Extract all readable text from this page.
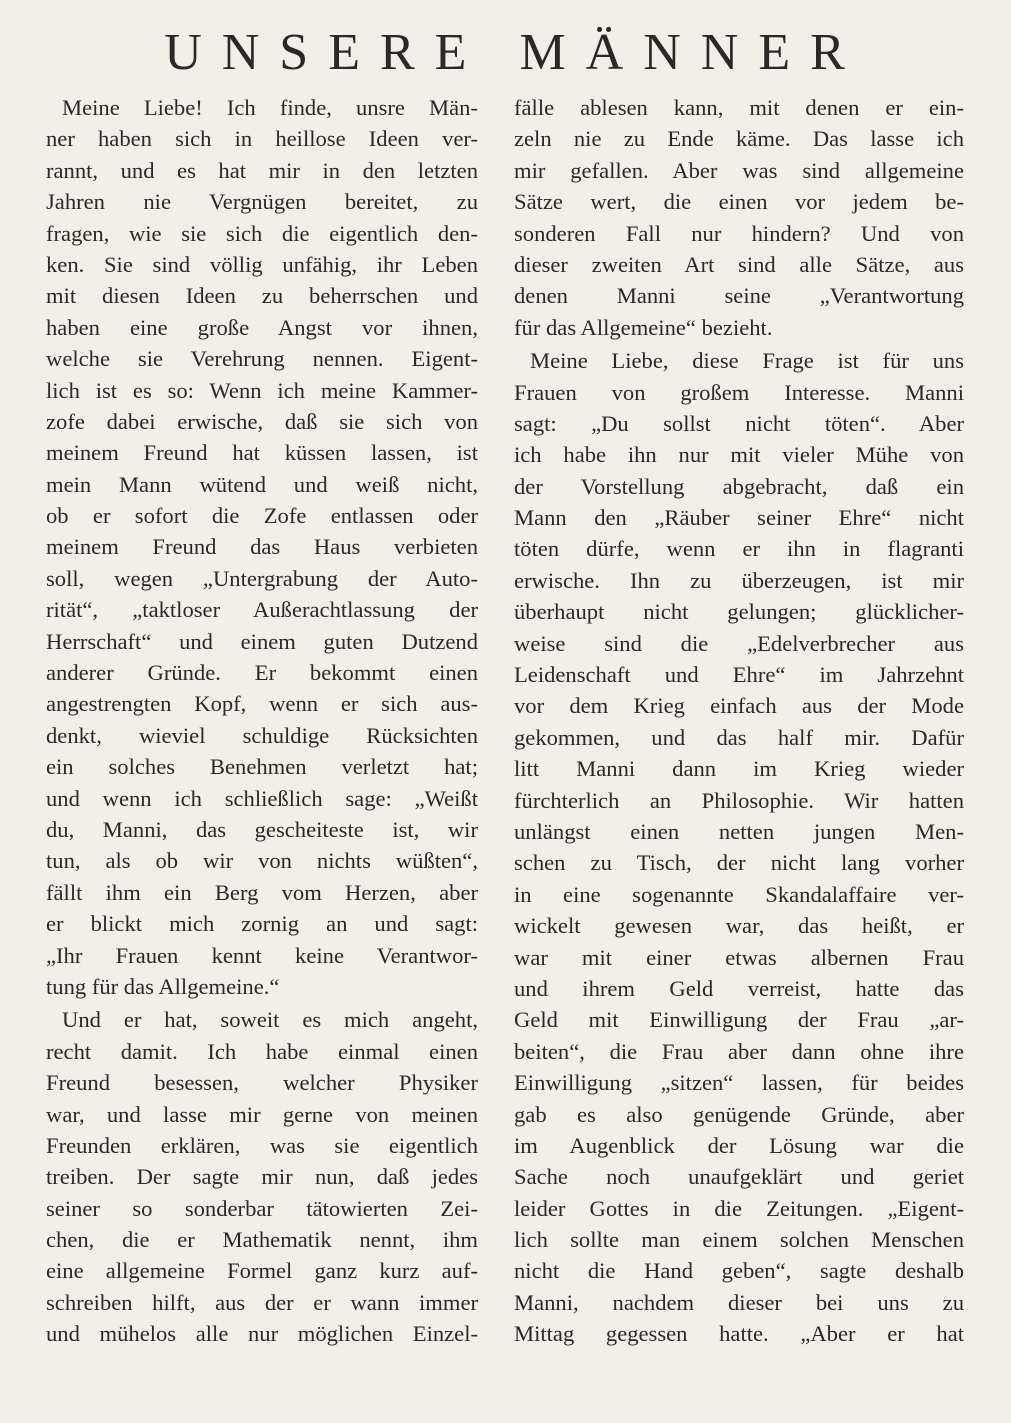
UNSERE MÄNNER
Meine Liebe! Ich finde, unsre Män-
ner haben sich in heillose Ideen ver-
rannt, und es hat mir in den letzten
Jahren nie Vergnügen bereitet, zu
fragen, wie sie sich die eigentlich den-
ken. Sie sind völlig unfähig, ihr Leben
mit diesen Ideen zu beherrschen und
haben eine große Angst vor ihnen,
welche sie Verehrung nennen. Eigent-
lich ist es so: Wenn ich meine Kammer-
zofe dabei erwische, daß sie sich von
meinem Freund hat küssen lassen, ist
mein Mann wütend und weiß nicht,
ob er sofort die Zofe entlassen oder
meinem Freund das Haus verbieten
soll, wegen „Untergrabung der Auto-
rität“, „taktloser Außerachtlassung der
Herrschaft“ und einem guten Dutzend
anderer Gründe. Er bekommt einen
angestrengten Kopf, wenn er sich aus-
denkt, wieviel schuldige Rücksichten
ein solches Benehmen verletzt hat;
und wenn ich schließlich sage: „Weißt
du, Manni, das gescheiteste ist, wir
tun, als ob wir von nichts wüßten“,
fällt ihm ein Berg vom Herzen, aber
er blickt mich zornig an und sagt:
„Ihr Frauen kennt keine Verantwor-
tung für das Allgemeine.“
Und er hat, soweit es mich angeht,
recht damit. Ich habe einmal einen
Freund besessen, welcher Physiker
war, und lasse mir gerne von meinen
Freunden erklären, was sie eigentlich
treiben. Der sagte mir nun, daß jedes
seiner so sonderbar tätowierten Zei-
chen, die er Mathematik nennt, ihm
eine allgemeine Formel ganz kurz auf-
schreiben hilft, aus der er wann immer
und mühelos alle nur möglichen Einzel-
fälle ablesen kann, mit denen er ein-
zeln nie zu Ende käme. Das lasse ich
mir gefallen. Aber was sind allgemeine
Sätze wert, die einen vor jedem be-
sonderen Fall nur hindern? Und von
dieser zweiten Art sind alle Sätze, aus
denen Manni seine „Verantwortung
für das Allgemeine“ bezieht.
Meine Liebe, diese Frage ist für uns
Frauen von großem Interesse. Manni
sagt: „Du sollst nicht töten“. Aber
ich habe ihn nur mit vieler Mühe von
der Vorstellung abgebracht, daß ein
Mann den „Räuber seiner Ehre“ nicht
töten dürfe, wenn er ihn in flagranti
erwische. Ihn zu überzeugen, ist mir
überhaupt nicht gelungen; glücklicher-
weise sind die „Edelverbrecher aus
Leidenschaft und Ehre“ im Jahrzehnt
vor dem Krieg einfach aus der Mode
gekommen, und das half mir. Dafür
litt Manni dann im Krieg wieder
fürchterlich an Philosophie. Wir hatten
unlängst einen netten jungen Men-
schen zu Tisch, der nicht lang vorher
in eine sogenannte Skandalaffaire ver-
wickelt gewesen war, das heißt, er
war mit einer etwas albernen Frau
und ihrem Geld verreist, hatte das
Geld mit Einwilligung der Frau „ar-
beiten“, die Frau aber dann ohne ihre
Einwilligung „sitzen“ lassen, für beides
gab es also genügende Gründe, aber
im Augenblick der Lösung war die
Sache noch unaufgeklärt und geriet
leider Gottes in die Zeitungen. „Eigent-
lich sollte man einem solchen Menschen
nicht die Hand geben“, sagte deshalb
Manni, nachdem dieser bei uns zu
Mittag gegessen hatte. „Aber er hat
